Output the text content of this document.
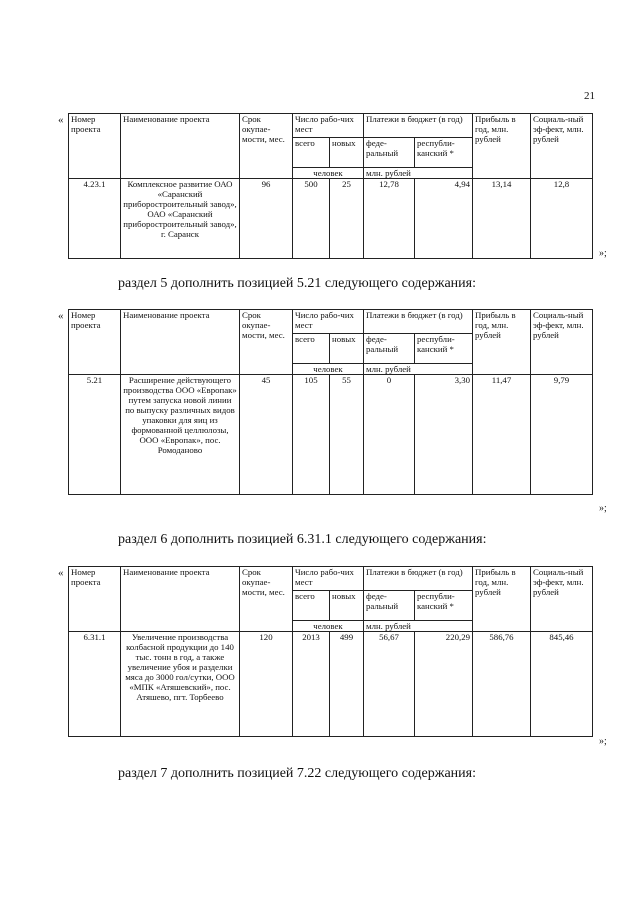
21
« Номер проекта	Наименование проекта	Срок окупае-мости, мес.	Число рабо-чих мест		Платежи в бюджет (в год)		Прибыль в год, млн. рублей	Социаль-ный эф-фект, млн. рублей
			всего	новых	феде-ральный	республи-канский *		
			человек		млн. рублей			
4.23.1	Комплексное развитие ОАО «Саранский приборостроительный завод», ОАО «Саранский приборостроительный завод», г. Саранск	96	500	25	12,78	4,94	13,14	12,8
»;
раздел 5 дополнить позицией 5.21 следующего содержания:
« Номер проекта	Наименование проекта	Срок окупае-мости, мес.	Число рабо-чих мест		Платежи в бюджет (в год)		Прибыль в год, млн. рублей	Социаль-ный эф-фект, млн. рублей
			всего	новых	феде-ральный	республи-канский *		
			человек		млн. рублей			
5.21	Расширение действующего производства ООО «Европак» путем запуска новой линии по выпуску различных видов упаковки для яиц из формованной целлюлозы, ООО «Европак», пос. Ромоданово	45	105	55	0	3,30	11,47	9,79
»;
раздел 6 дополнить позицией 6.31.1 следующего содержания:
« Номер проекта	Наименование проекта	Срок окупае-мости, мес.	Число рабо-чих мест		Платежи в бюджет (в год)		Прибыль в год, млн. рублей	Социаль-ный эф-фект, млн. рублей
			всего	новых	феде-ральный	республи-канский *		
			человек		млн. рублей			
6.31.1	Увеличение производства колбасной продукции до 140 тыс. тонн в год, а также увеличение убоя и разделки мяса до 3000 гол/сутки, ООО «МПК «Атяшевский», пос. Атяшево, пгт. Торбеево	120	2013	499	56,67	220,29	586,76	845,46
»;
раздел 7 дополнить позицией 7.22 следующего содержания:
